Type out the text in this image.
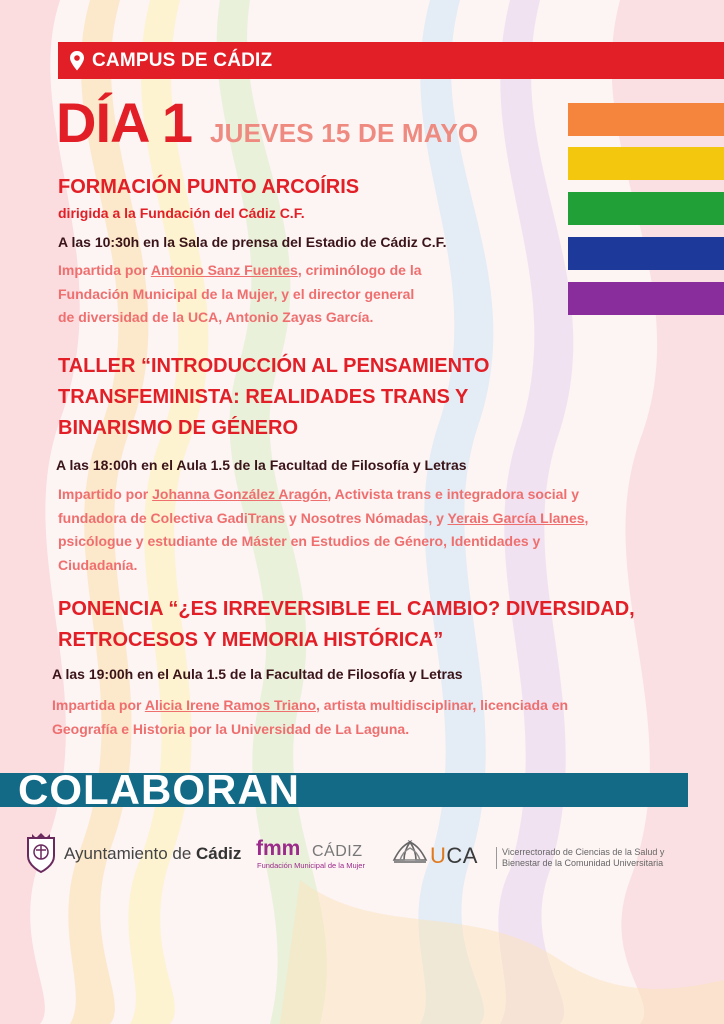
CAMPUS DE CÁDIZ
DÍA 1 JUEVES 15 DE MAYO
FORMACIÓN PUNTO ARCOÍRIS
dirigida a la Fundación del Cádiz C.F.
A las 10:30h en la Sala de prensa del Estadio de Cádiz C.F.
Impartida por Antonio Sanz Fuentes, criminólogo de la
Fundación Municipal de la Mujer, y el director general
de diversidad de la UCA, Antonio Zayas García.
TALLER “INTRODUCCIÓN AL PENSAMIENTO
TRANSFEMINISTA: REALIDADES TRANS Y
BINARISMO DE GÉNERO
A las 18:00h en el Aula 1.5 de la Facultad de Filosofía y Letras
Impartido por Johanna González Aragón, Activista trans e integradora social y
fundadora de Colectiva GadiTrans y Nosotres Nómadas, y Yerais García Llanes,
psicólogue y estudiante de Máster en Estudios de Género, Identidades y
Ciudadanía.
PONENCIA “¿ES IRREVERSIBLE EL CAMBIO? DIVERSIDAD,
RETROCESOS Y MEMORIA HISTÓRICA”
A las 19:00h en el Aula 1.5 de la Facultad de Filosofía y Letras
Impartida por Alicia Irene Ramos Triano, artista multidisciplinar, licenciada en
Geografía e Historia por la Universidad de La Laguna.
COLABORAN
Ayuntamiento de Cádiz fmm CÁDIZ
Fundación Municipal de la Mujer	UCA	Vicerrectorado de Ciencias de la Salud y
Bienestar de la Comunidad Universitaria
